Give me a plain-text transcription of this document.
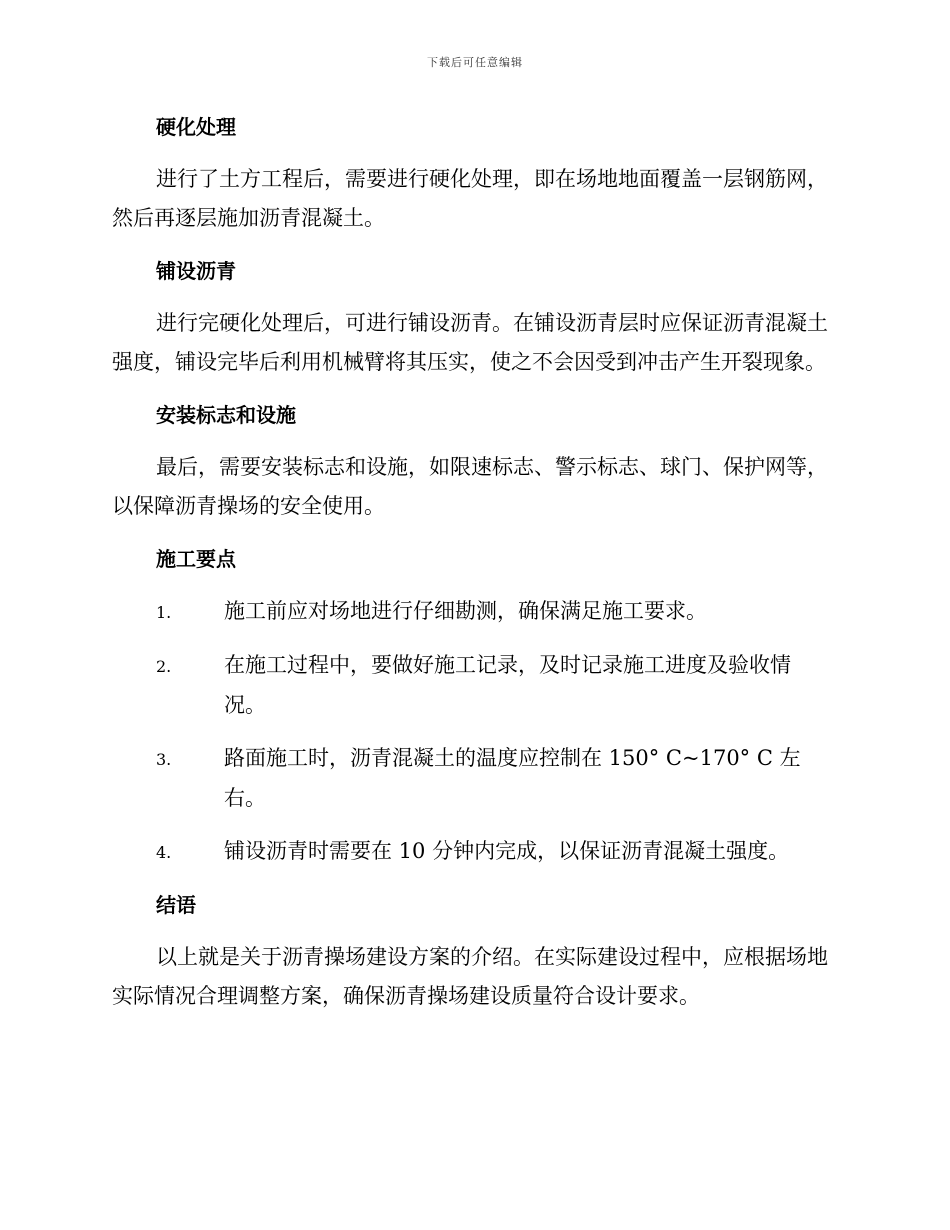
下载后可任意编辑
硬化处理

进行了土方工程后，需要进行硬化处理，即在场地地面覆盖一层钢筋网，然后再逐层施加沥青混凝土。

铺设沥青

进行完硬化处理后，可进行铺设沥青。在铺设沥青层时应保证沥青混凝土强度，铺设完毕后利用机械臂将其压实，使之不会因受到冲击产生开裂现象。

安装标志和设施

最后，需要安装标志和设施，如限速标志、警示标志、球门、保护网等，以保障沥青操场的安全使用。

施工要点
1.	施工前应对场地进行仔细勘测，确保满足施工要求。
2.	在施工过程中，要做好施工记录，及时记录施工进度及验收情况。
3.	路面施工时，沥青混凝土的温度应控制在 150° C~170° C 左右。
4.	铺设沥青时需要在 10 分钟内完成，以保证沥青混凝土强度。
结语

以上就是关于沥青操场建设方案的介绍。在实际建设过程中，应根据场地实际情况合理调整方案，确保沥青操场建设质量符合设计要求。
